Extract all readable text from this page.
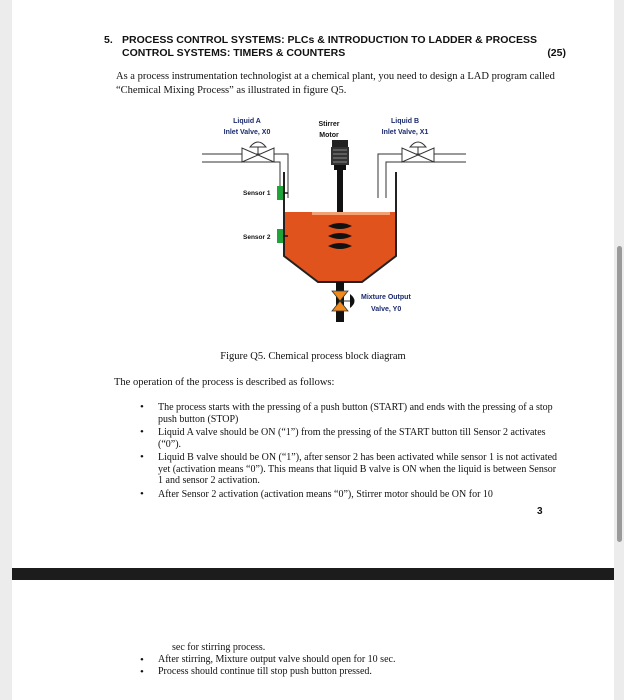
5. PROCESS CONTROL SYSTEMS: PLCs & INTRODUCTION TO LADDER & PROCESS
CONTROL SYSTEMS: TIMERS & COUNTERS	(25)
As a process instrumentation technologist at a chemical plant, you need to design a LAD program called “Chemical Mixing Process” as illustrated in figure Q5.
Liquid A
Inlet Valve, X0
Stirrer
Motor
Liquid B
Inlet Valve, X1
Sensor 1
Sensor 2
Mixture Output
Valve, Y0
Figure Q5. Chemical process block diagram
The operation of the process is described as follows:
• The process starts with the pressing of a push button (START) and ends with the pressing of a stop push button (STOP)
• Liquid A valve should be ON (“1”) from the pressing of the START button till Sensor 2 activates (“0”).
• Liquid B valve should be ON (“1”), after sensor 2 has been activated while sensor 1 is not activated yet (activation means “0”). This means that liquid B valve is ON when the liquid is between Sensor 1 and sensor 2 activation.
• After Sensor 2 activation (activation means “0”), Stirrer motor should be ON for 10
3
sec for stirring process.
• After stirring, Mixture output valve should open for 10 sec.
• Process should continue till stop push button pressed.
